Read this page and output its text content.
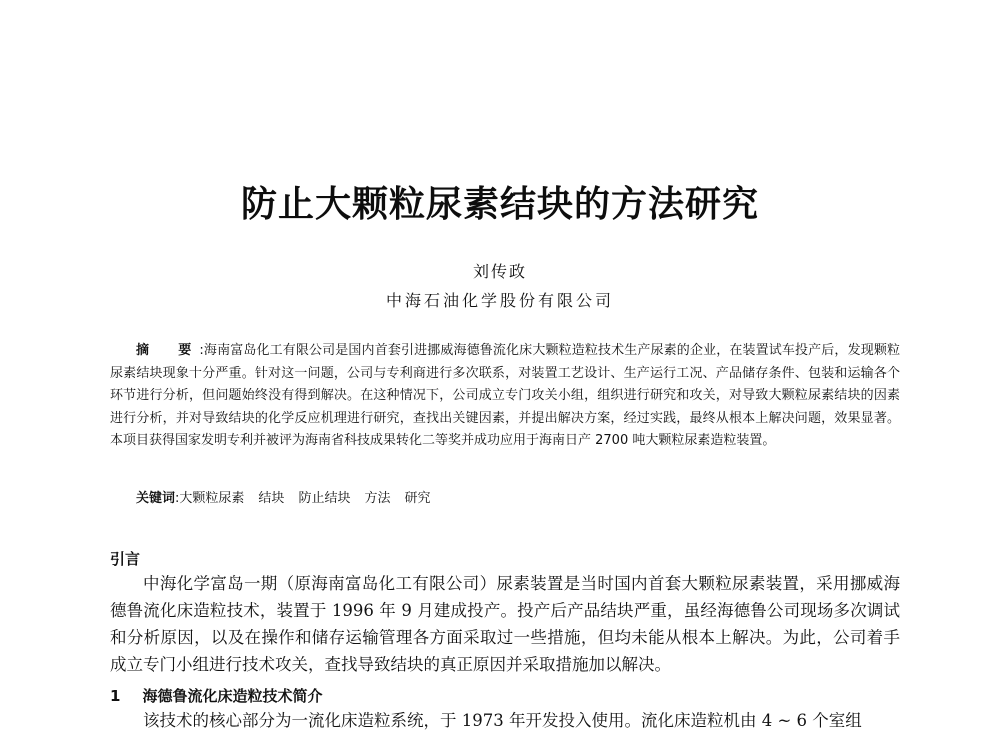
防止大颗粒尿素结块的方法研究
刘传政
中海石油化学股份有限公司

摘　要:海南富岛化工有限公司是国内首套引进挪威海德鲁流化床大颗粒造粒技术生产尿素的企业，在装置试车投产后，发现颗粒尿素结块现象十分严重。针对这一问题，公司与专利商进行多次联系，对装置工艺设计、生产运行工况、产品储存条件、包装和运输各个环节进行分析，但问题始终没有得到解决。在这种情况下，公司成立专门攻关小组，组织进行研究和攻关，对导致大颗粒尿素结块的因素进行分析，并对导致结块的化学反应机理进行研究，查找出关键因素，并提出解决方案，经过实践，最终从根本上解决问题，效果显著。本项目获得国家发明专利并被评为海南省科技成果转化二等奖并成功应用于海南日产 2700 吨大颗粒尿素造粒装置。

关键词:大颗粒尿素 结块 防止结块 方法 研究

引言

中海化学富岛一期（原海南富岛化工有限公司）尿素装置是当时国内首套大颗粒尿素装置，采用挪威海德鲁流化床造粒技术，装置于 1996 年 9 月建成投产。投产后产品结块严重，虽经海德鲁公司现场多次调试和分析原因，以及在操作和储存运输管理各方面采取过一些措施，但均未能从根本上解决。为此，公司着手成立专门小组进行技术攻关，查找导致结块的真正原因并采取措施加以解决。

1 海德鲁流化床造粒技术简介

该技术的核心部分为一流化床造粒系统，于 1973 年开发投入使用。流化床造粒机由 4 ~ 6 个室组
